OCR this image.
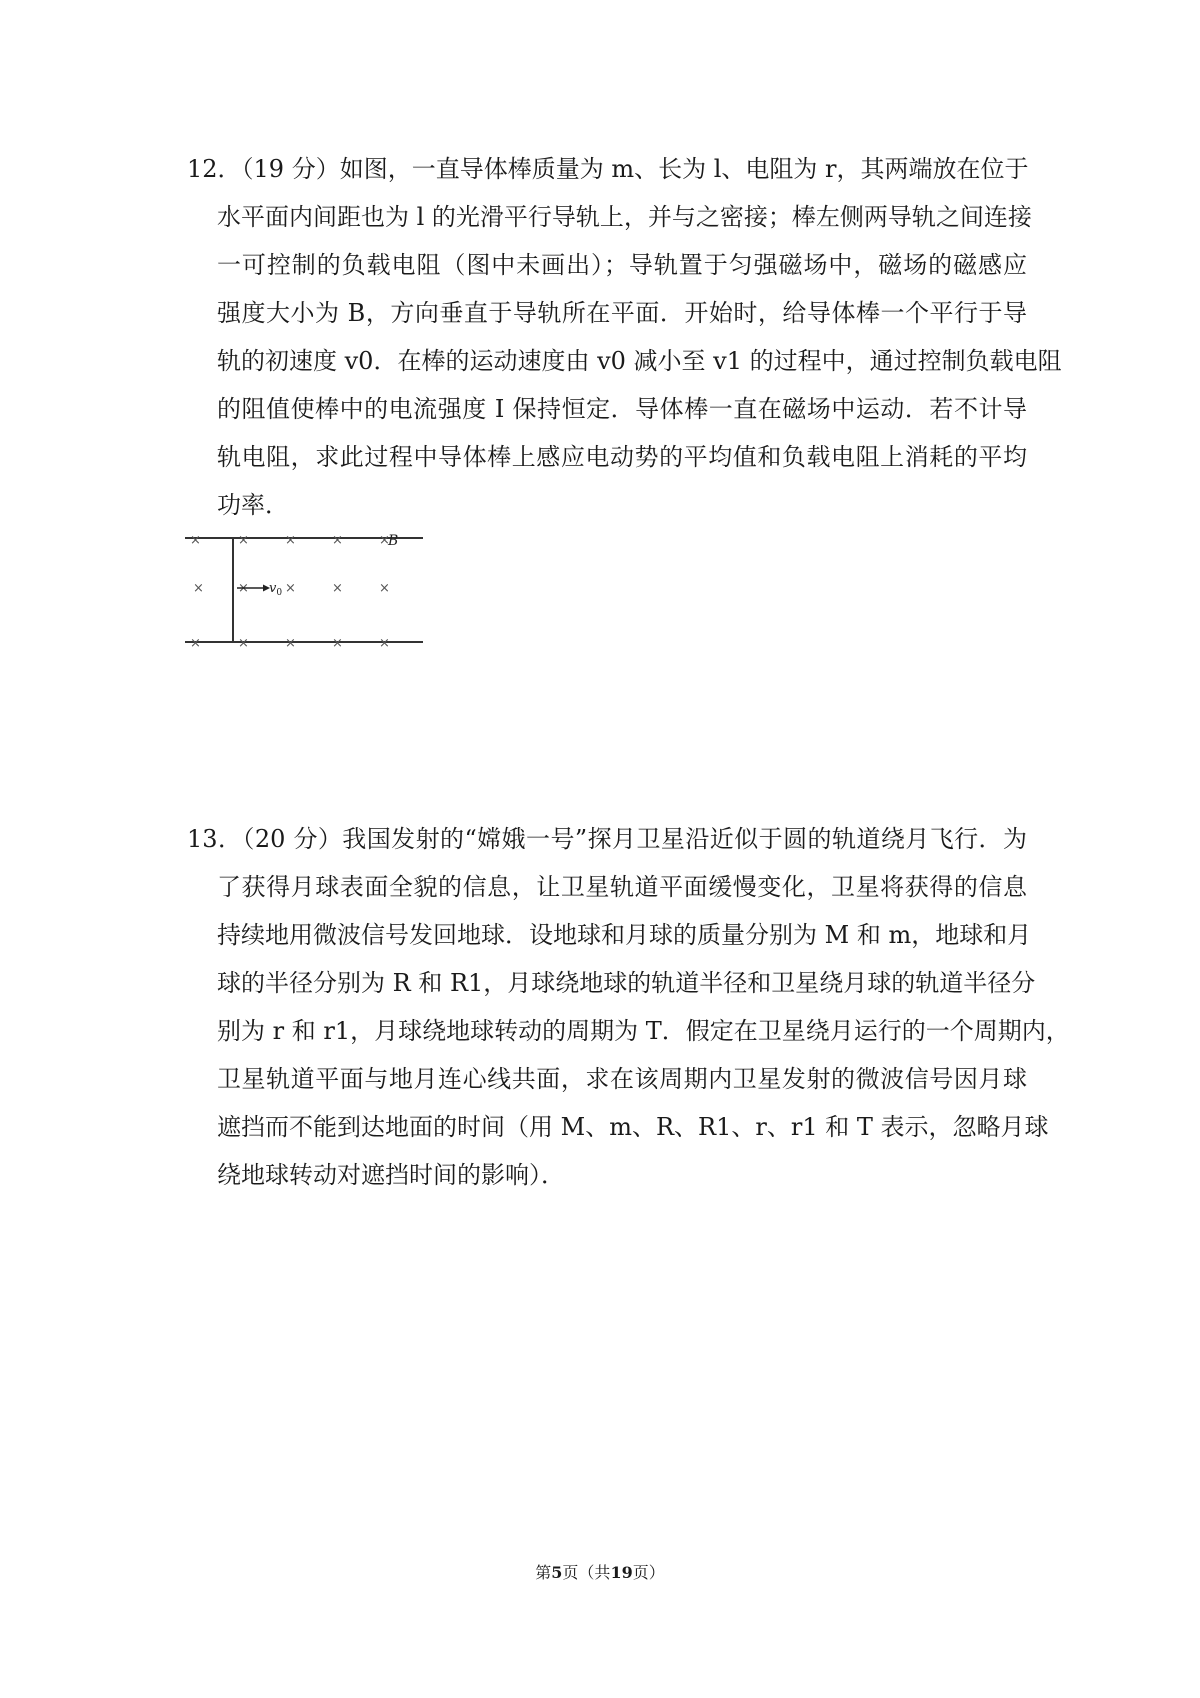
12．（19 分）如图，一直导体棒质量为 m、长为 l、电阻为 r，其两端放在位于
水平面内间距也为 l 的光滑平行导轨上，并与之密接；棒左侧两导轨之间连接
一可控制的负载电阻（图中未画出）；导轨置于匀强磁场中，磁场的磁感应
强度大小为 B，方向垂直于导轨所在平面．开始时，给导体棒一个平行于导
轨的初速度 v0．在棒的运动速度由 v0 减小至 v1 的过程中，通过控制负载电阻
的阻值使棒中的电流强度 I 保持恒定．导体棒一直在磁场中运动．若不计导
轨电阻，求此过程中导体棒上感应电动势的平均值和负载电阻上消耗的平均
功率．
×	×	×	×	×
×	×	×	×	×
×	×	×	×	×
B
$v_0$
13．（20 分）我国发射的“嫦娥一号”探月卫星沿近似于圆的轨道绕月飞行．为
了获得月球表面全貌的信息，让卫星轨道平面缓慢变化，卫星将获得的信息
持续地用微波信号发回地球．设地球和月球的质量分别为 M 和 m，地球和月
球的半径分别为 R 和 R1，月球绕地球的轨道半径和卫星绕月球的轨道半径分
别为 r 和 r1，月球绕地球转动的周期为 T．假定在卫星绕月运行的一个周期内，
卫星轨道平面与地月连心线共面，求在该周期内卫星发射的微波信号因月球
遮挡而不能到达地面的时间（用 M、m、R、R1、r、r1 和 T 表示，忽略月球
绕地球转动对遮挡时间的影响）．
第5页（共19页）
